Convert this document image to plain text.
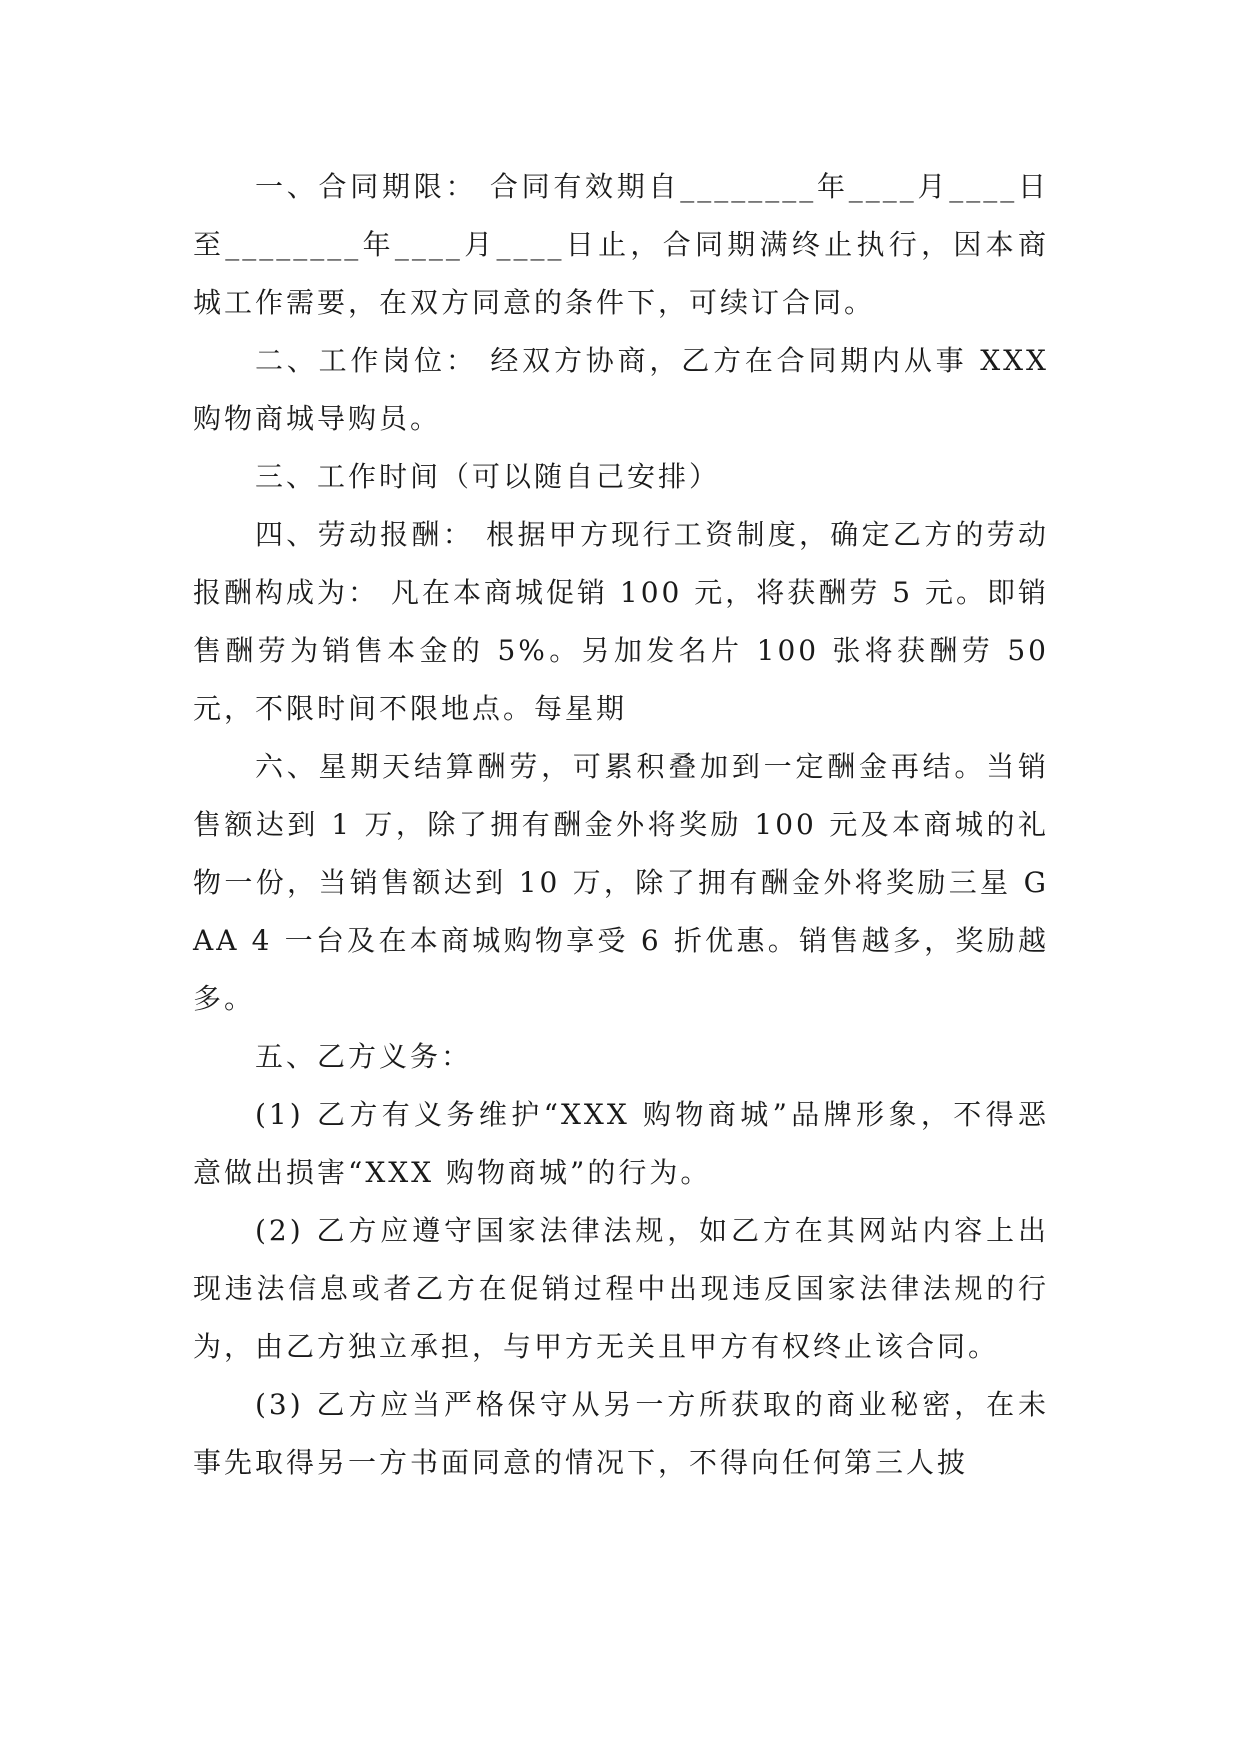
一、合同期限： 合同有效期自________年____月____日至________年____月____日止，合同期满终止执行，因本商城工作需要，在双方同意的条件下，可续订合同。

二、工作岗位： 经双方协商，乙方在合同期内从事 XXX 购物商城导购员。

三、工作时间（可以随自己安排）

四、劳动报酬： 根据甲方现行工资制度，确定乙方的劳动报酬构成为： 凡在本商城促销 100 元，将获酬劳 5 元。即销售酬劳为销售本金的 5%。另加发名片 100 张将获酬劳 50 元，不限时间不限地点。每星期

六、星期天结算酬劳，可累积叠加到一定酬金再结。当销售额达到 1 万，除了拥有酬金外将奖励 100 元及本商城的礼物一份，当销售额达到 10 万，除了拥有酬金外将奖励三星 GAA 4 一台及在本商城购物享受 6 折优惠。销售越多，奖励越多。

五、乙方义务：

(1) 乙方有义务维护“XXX 购物商城”品牌形象，不得恶意做出损害“XXX 购物商城”的行为。

(2) 乙方应遵守国家法律法规，如乙方在其网站内容上出现违法信息或者乙方在促销过程中出现违反国家法律法规的行为，由乙方独立承担，与甲方无关且甲方有权终止该合同。

(3) 乙方应当严格保守从另一方所获取的商业秘密，在未事先取得另一方书面同意的情况下，不得向任何第三人披
